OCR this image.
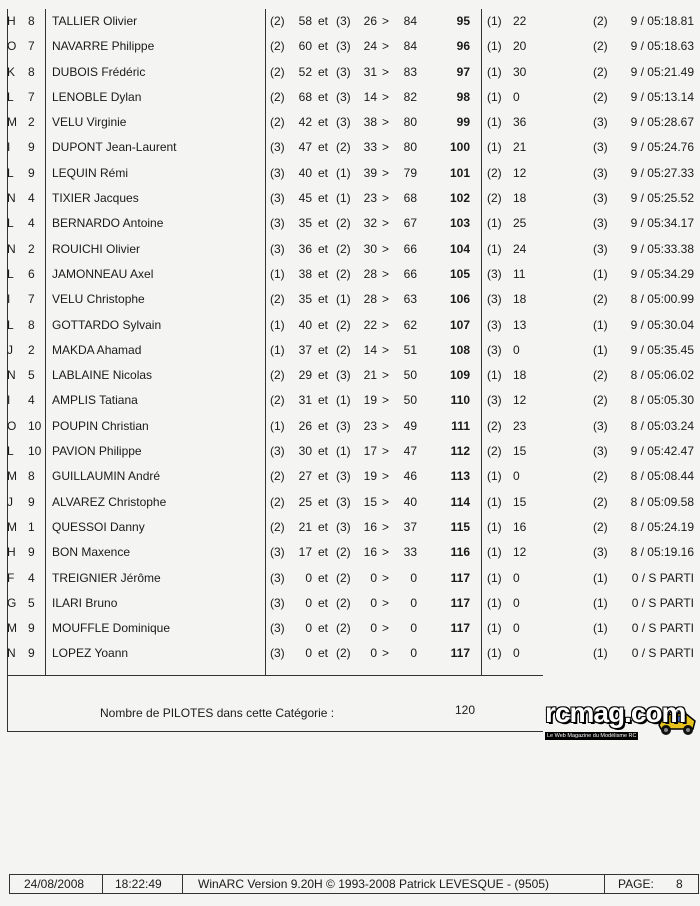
H 8 TALLIER Olivier	(2)	58 et (3)	26 >	84	95 (1) 22	(2)	9 / 05:18.81
O 7 NAVARRE Philippe	(2)	60 et (3)	24 >	84	96 (1) 20	(2)	9 / 05:18.63
K 8 DUBOIS Frédéric	(2)	52 et (3)	31 >	83	97 (1) 30	(2)	9 / 05:21.49
L 7 LENOBLE Dylan	(2)	68 et (3)	14 >	82	98 (1) 0	(2)	9 / 05:13.14
M 2 VELU Virginie	(2)	42 et (3)	38 >	80	99 (1) 36	(3)	9 / 05:28.67
I 9 DUPONT Jean-Laurent	(3)	47 et (2)	33 >	80	100 (1) 21	(3)	9 / 05:24.76
L 9 LEQUIN Rémi	(3)	40 et (1)	39 >	79	101 (2) 12	(3)	9 / 05:27.33
N 4 TIXIER Jacques	(3)	45 et (1)	23 >	68	102 (2) 18	(3)	9 / 05:25.52
L 4 BERNARDO Antoine	(3)	35 et (2)	32 >	67	103 (1) 25	(3)	9 / 05:34.17
N 2 ROUICHI Olivier	(3)	36 et (2)	30 >	66	104 (1) 24	(3)	9 / 05:33.38
L 6 JAMONNEAU Axel	(1)	38 et (2)	28 >	66	105 (3) 11	(1)	9 / 05:34.29
I 7 VELU Christophe	(2)	35 et (1)	28 >	63	106 (3) 18	(2)	8 / 05:00.99
L 8 GOTTARDO Sylvain	(1)	40 et (2)	22 >	62	107 (3) 13	(1)	9 / 05:30.04
J 2 MAKDA Ahamad	(1)	37 et (2)	14 >	51	108 (3) 0	(1)	9 / 05:35.45
N 5 LABLAINE Nicolas	(2)	29 et (3)	21 >	50	109 (1) 18	(2)	8 / 05:06.02
I 4 AMPLIS Tatiana	(2)	31 et (1)	19 >	50	110 (3) 12	(2)	8 / 05:05.30
O 10 POUPIN Christian	(1)	26 et (3)	23 >	49	111 (2) 23	(3)	8 / 05:03.24
L 10 PAVION Philippe	(3)	30 et (1)	17 >	47	112 (2) 15	(3)	9 / 05:42.47
M 8 GUILLAUMIN André	(2)	27 et (3)	19 >	46	113 (1) 0	(2)	8 / 05:08.44
J 9 ALVAREZ Christophe	(2)	25 et (3)	15 >	40	114 (1) 15	(2)	8 / 05:09.58
M 1 QUESSOI Danny	(2)	21 et (3)	16 >	37	115 (1) 16	(2)	8 / 05:24.19
H 9 BON Maxence	(3)	17 et (2)	16 >	33	116 (1) 12	(3)	8 / 05:19.16
F 4 TREIGNIER Jérôme	(3)	0 et (2)	0 >	0	117 (1) 0	(1)	0 / S PARTI
G 5 ILARI Bruno	(3)	0 et (2)	0 >	0	117 (1) 0	(1)	0 / S PARTI
M 9 MOUFFLE Dominique	(3)	0 et (2)	0 >	0	117 (1) 0	(1)	0 / S PARTI
N 9 LOPEZ Yoann	(3)	0 et (2)	0 >	0	117 (1) 0	(1)	0 / S PARTI
Nombre de PILOTES dans cette Catégorie :	120 rcmag.com
Le Web Magazine du Modélisme RC
24/08/2008	18:22:49	WinARC Version 9.20H © 1993-2008 Patrick LEVESQUE - (9505)	PAGE: 8
